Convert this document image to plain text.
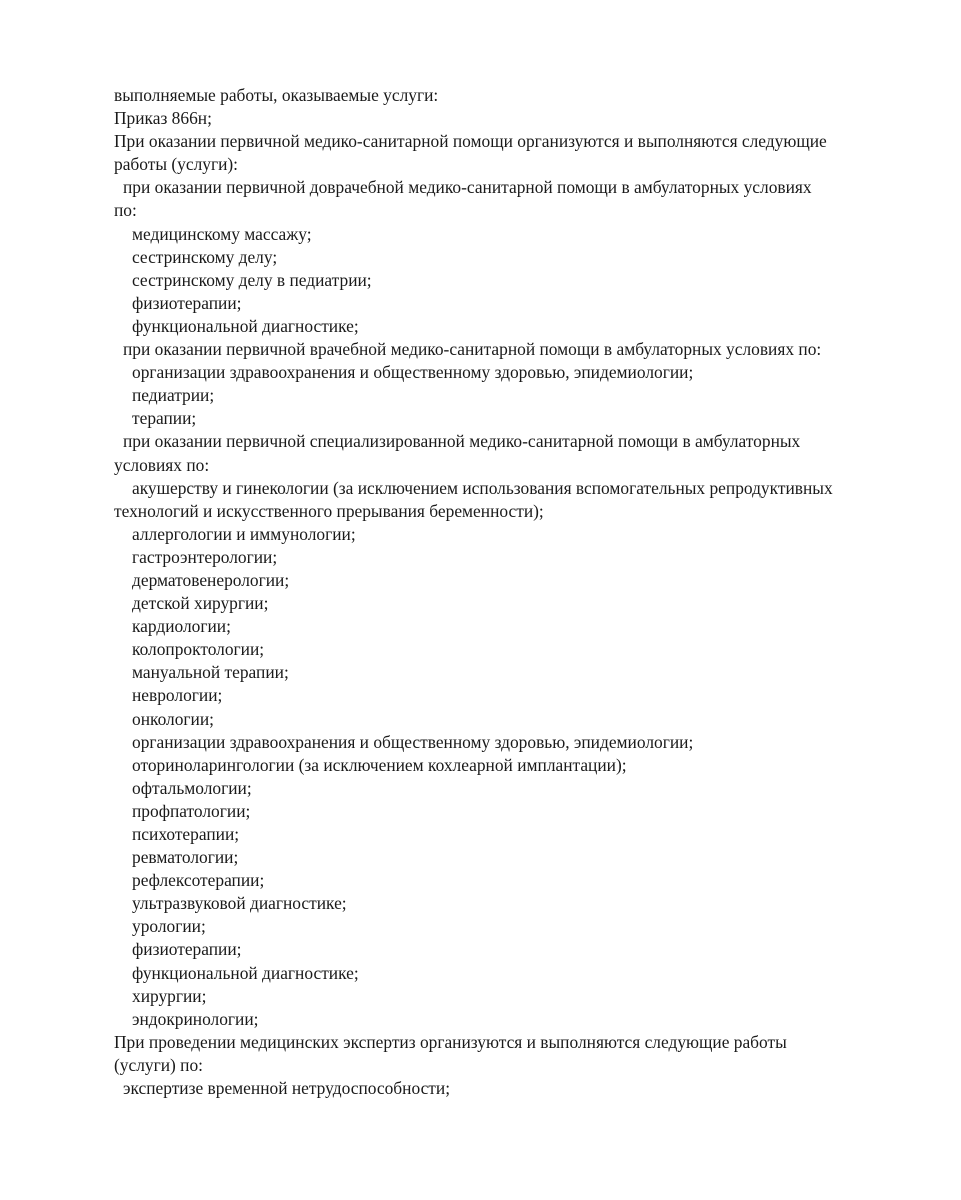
выполняемые работы, оказываемые услуги:

Приказ 866н;

При оказании первичной медико-санитарной помощи организуются и выполняются следующие

работы (услуги):

при оказании первичной доврачебной медико-санитарной помощи в амбулаторных условиях

по:

медицинскому массажу;

сестринскому делу;

сестринскому делу в педиатрии;

физиотерапии;

функциональной диагностике;

при оказании первичной врачебной медико-санитарной помощи в амбулаторных условиях по:

организации здравоохранения и общественному здоровью, эпидемиологии;

педиатрии;

терапии;

при оказании первичной специализированной медико-санитарной помощи в амбулаторных

условиях по:

акушерству и гинекологии (за исключением использования вспомогательных репродуктивных

технологий и искусственного прерывания беременности);

аллергологии и иммунологии;

гастроэнтерологии;

дерматовенерологии;

детской хирургии;

кардиологии;

колопроктологии;

мануальной терапии;

неврологии;

онкологии;

организации здравоохранения и общественному здоровью, эпидемиологии;

оториноларингологии (за исключением кохлеарной имплантации);

офтальмологии;

профпатологии;

психотерапии;

ревматологии;

рефлексотерапии;

ультразвуковой диагностике;

урологии;

физиотерапии;

функциональной диагностике;

хирургии;

эндокринологии;

При проведении медицинских экспертиз организуются и выполняются следующие работы

(услуги) по:

экспертизе временной нетрудоспособности;
